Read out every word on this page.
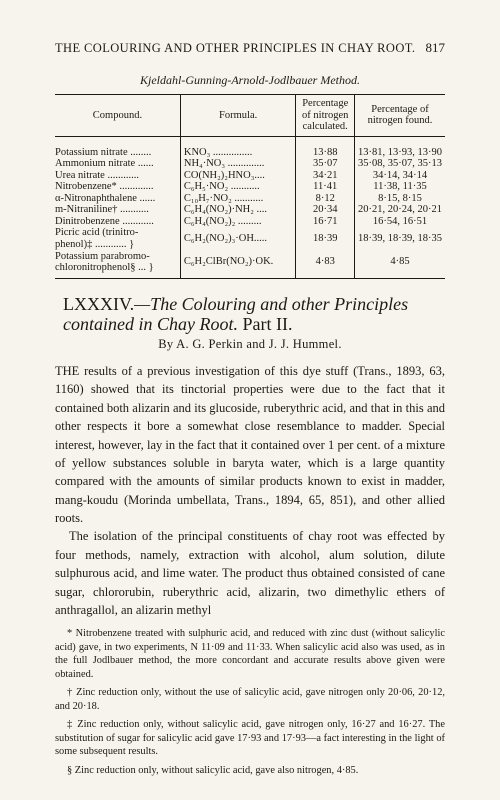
THE COLOURING AND OTHER PRINCIPLES IN CHAY ROOT. 817
Kjeldahl-Gunning-Arnold-Jodlbauer Method.
Compound.	Formula.	Percentage of nitrogen calculated.	Percentage of nitrogen found.
Potassium nitrate ........	KNO₃ ...............	13·88	13·81, 13·93, 13·90
Ammonium nitrate ......	NH₄·NO₃ ..............	35·07	35·08, 35·07, 35·13
Urea nitrate ............	CO(NH₂)₂HNO₃....	34·21	34·14, 34·14
Nitrobenzene* .............	C₆H₅·NO₂ ...........	11·41	11·38, 11·35
α-Nitronaphthalene ......	C₁₀H₇·NO₂ ...........	8·12	8·15, 8·15
m-Nitraniline† ...........	C₆H₄(NO₂)·NH₂ ....	20·34	20·21, 20·24, 20·21
Dinitrobenzene ............	C₆H₄(NO₂)₂ .........	16·71	16·54, 16·51
Picric acid (trinitro-phenol)‡ ............ }	C₆H₂(NO₂)₃·OH.....	18·39	18·39, 18·39, 18·35
Potassium parabromo-chloronitrophenol§ ... }	C₆H₂ClBr(NO₂)·OK.	4·83	4·85
LXXXIV.—The Colouring and other Principles contained in Chay Root. Part II.
By A. G. Perkin and J. J. Hummel.

THE results of a previous investigation of this dye stuff (Trans., 1893, 63, 1160) showed that its tinctorial properties were due to the fact that it contained both alizarin and its glucoside, ruberythric acid, and that in this and other respects it bore a somewhat close resemblance to madder. Special interest, however, lay in the fact that it contained over 1 per cent. of a mixture of yellow substances soluble in baryta water, which is a large quantity compared with the amounts of similar products known to exist in madder, mang-koudu (Morinda umbellata, Trans., 1894, 65, 851), and other allied roots.

The isolation of the principal constituents of chay root was effected by four methods, namely, extraction with alcohol, alum solution, dilute sulphurous acid, and lime water. The product thus obtained consisted of cane sugar, chlororubin, ruberythric acid, alizarin, two dimethylic ethers of anthragallol, an alizarin methyl

* Nitrobenzene treated with sulphuric acid, and reduced with zinc dust (without salicylic acid) gave, in two experiments, N 11·09 and 11·33. When salicylic acid also was used, as in the full Jodlbauer method, the more concordant and accurate results above given were obtained.

† Zinc reduction only, without the use of salicylic acid, gave nitrogen only 20·06, 20·12, and 20·18.

‡ Zinc reduction only, without salicylic acid, gave nitrogen only, 16·27 and 16·27. The substitution of sugar for salicylic acid gave 17·93 and 17·93—a fact interesting in the light of some subsequent results.

§ Zinc reduction only, without salicylic acid, gave also nitrogen, 4·85.
